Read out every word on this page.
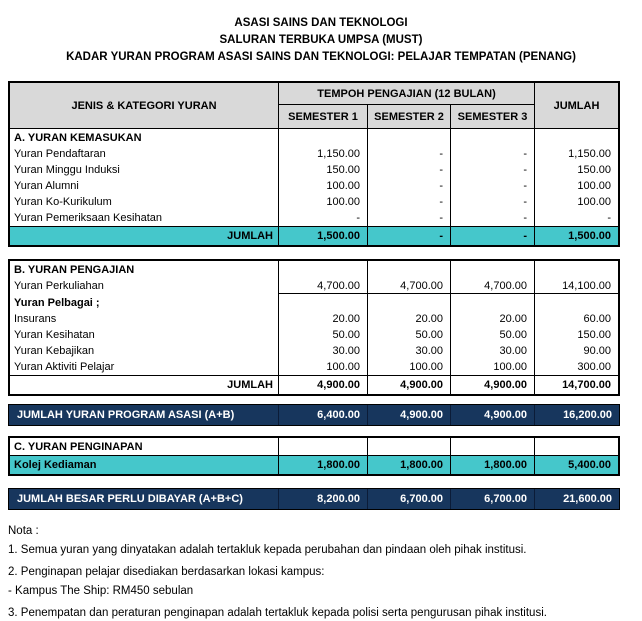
ASASI SAINS DAN TEKNOLOGI
SALURAN TERBUKA UMPSA (MUST)
KADAR YURAN PROGRAM ASASI SAINS DAN TEKNOLOGI: PELAJAR TEMPATAN (PENANG)
JENIS & KATEGORI YURAN
TEMPOH PENGAJIAN (12 BULAN)
JUMLAH
SEMESTER 1	SEMESTER 2	SEMESTER 3
A. YURAN KEMASUKAN
Yuran Pendaftaran	1,150.00	-	-	1,150.00
Yuran Minggu Induksi	150.00	-	-	150.00
Yuran Alumni	100.00	-	-	100.00
Yuran Ko-Kurikulum	100.00	-	-	100.00
Yuran Pemeriksaan Kesihatan	-	-	-	-
JUMLAH	1,500.00	-	-	1,500.00
B. YURAN PENGAJIAN
Yuran Perkuliahan	4,700.00	4,700.00	4,700.00	14,100.00
Yuran Pelbagai ;
Insurans	20.00	20.00	20.00	60.00
Yuran Kesihatan	50.00	50.00	50.00	150.00
Yuran Kebajikan	30.00	30.00	30.00	90.00
Yuran Aktiviti Pelajar	100.00	100.00	100.00	300.00
JUMLAH	4,900.00	4,900.00	4,900.00	14,700.00
JUMLAH YURAN PROGRAM ASASI (A+B)	6,400.00	4,900.00	4,900.00	16,200.00
C. YURAN PENGINAPAN
Kolej Kediaman	1,800.00	1,800.00	1,800.00	5,400.00
JUMLAH BESAR PERLU DIBAYAR (A+B+C)	8,200.00	6,700.00	6,700.00	21,600.00
Nota :
1. Semua yuran yang dinyatakan adalah tertakluk kepada perubahan dan pindaan oleh pihak institusi.
2. Penginapan pelajar disediakan berdasarkan lokasi kampus:
- Kampus The Ship: RM450 sebulan
3. Penempatan dan peraturan penginapan adalah tertakluk kepada polisi serta pengurusan pihak institusi.
